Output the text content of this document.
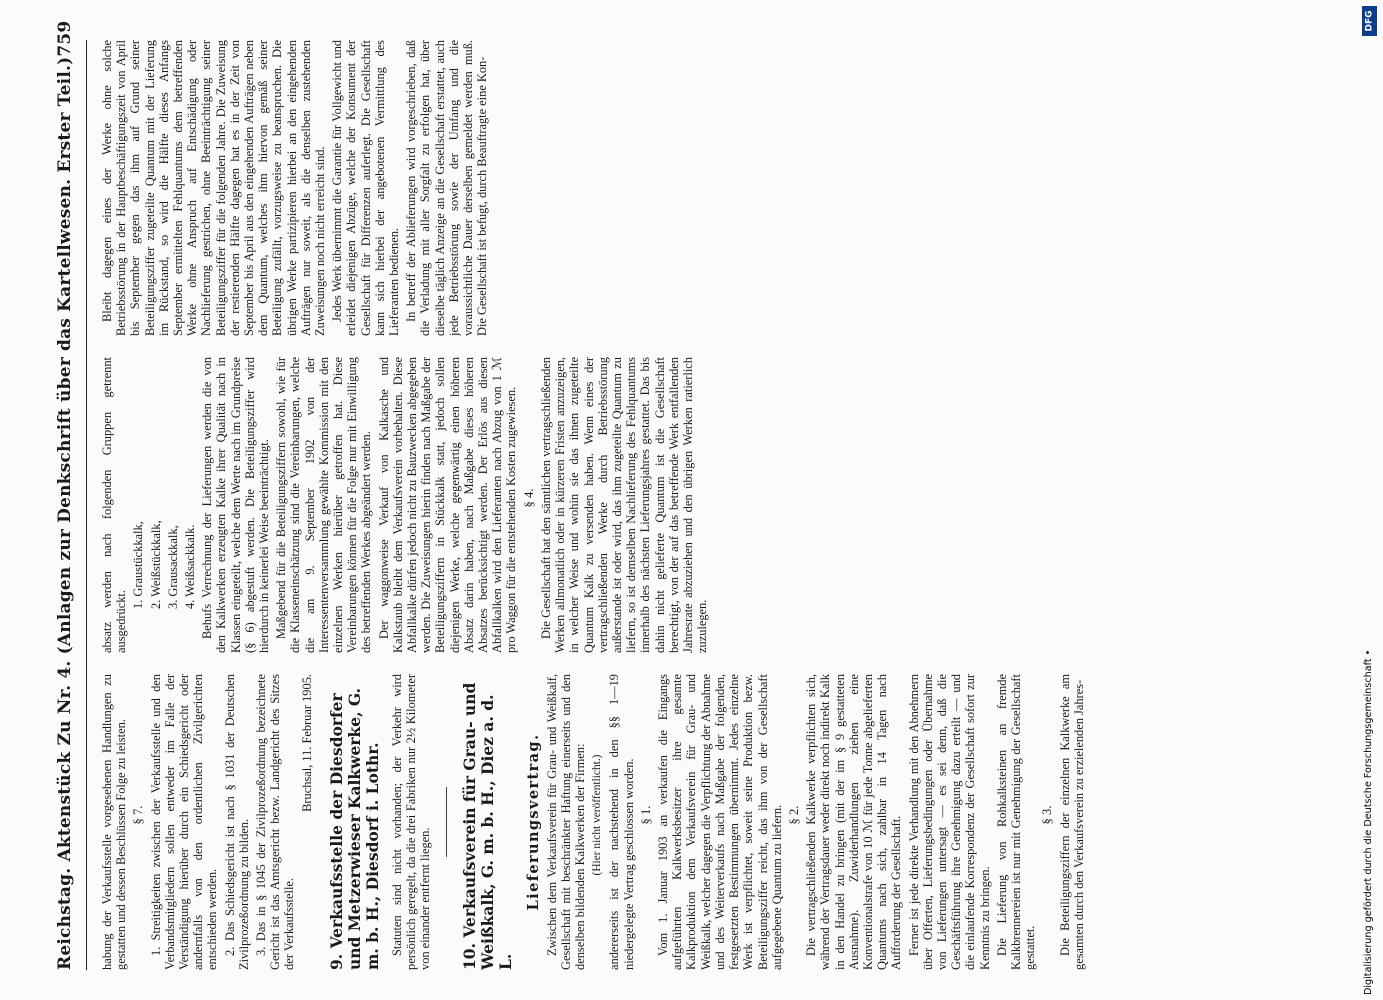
Reichstag. Aktenstück Zu Nr. 4. (Anlagen zur Denkschrift über das Kartellwesen. Erster Teil.)
759

habung der Verkaufsstelle vorgesehenen Handlungen zu gestatten und dessen Beschlüssen Folge zu leisten. § 7. 1. Streitigkeiten zwischen der Verkaufsstelle und den Verbandsmitgliedern sollen entweder im Falle der Verständigung hierüber durch ein Schiedsgericht oder andernfalls von den ordentlichen Zivilgerichten entschieden werden. 2. Das Schiedsgericht ist nach § 1031 der Deutschen Zivilprozeßordnung zu bilden. 3. Das in § 1045 der Zivilprozeßordnung bezeichnete Gericht ist das Amtsgericht bezw. Landgericht des Sitzes der Verkaufsstelle.

Bruchsal, 11. Februar 1905. 9. Verkaufsstelle der Diesdorfer und Metzerwieser Kalkwerke, G. m. b. H., Diesdorf i. Lothr. Statuten sind nicht vorhanden; der Verkehr wird persönlich geregelt, da die drei Fabriken nur 2½ Kilometer von einander entfernt liegen. 10. Verkaufsverein für Grau- und Weißkalk, G. m. b. H., Diez a. d. L.
Lieferungsvertrag. Zwischen dem Verkaufsverein für Grau- und Weißkalf, Gesellschaft mit beschränkter Haftung einerseits und den denselben bildenden Kalkwerken der Firmen: (Hier nicht veröffentlicht.) andererseits ist der nachstehend in den §§ 1—19 niedergelegte Vertrag geschlossen worden. § 1. Vom 1. Januar 1903 an verkaufen die Eingangs aufgeführten Kalkwerksbesitzer ihre gesamte Kalkproduktion dem Verkaufsverein für Grau- und Weißkalk, welcher dagegen die Verpflichtung der Abnahme und des Weiterverkaufs nach Maßgabe der folgenden, festgesetzten Bestimmungen übernimmt. Jedes einzelne Werk ist verpflichtet, soweit seine Produktion bezw. Beteiligungsziffer reicht, das ihm von der Gesellschaft aufgegebene Quantum zu liefern. § 2. Die vertragschließenden Kalkwerke verpflichten sich, während der Vertragsdauer weder direkt noch indirekt Kalk in den Handel zu bringen (mit der im § 9 gestatteten Ausnahme). Zuwiderhandlungen ziehen eine Konventionalstrafe von 10 ℳ für jede Tonne abgelieferten Quantums nach sich, zahlbar in 14 Tagen nach Aufforderung der Gesellschaft. Ferner ist jede direkte Verhandlung mit den Abnehmern über Offerten, Lieferungsbedingungen oder Übernahme von Lieferungen untersagt — es sei denn, daß die Geschäftsführung ihre Genehmigung dazu erteilt — und die einlaufende Korrespondenz der Gesellschaft sofort zur Kenntnis zu bringen. Die Lieferung von Rohkalksteinen an fremde Kalkbrennereien ist nur mit Genehmigung der Gesellschaft gestattet.

§ 3. Die Beteiligungsziffern der einzelnen Kalkwerke am gesamten durch den Verkaufsverein zu erzielenden Jahres-

absatz werden nach folgenden Gruppen getrennt ausgedrückt.

1. Graustückkalk, 2. Weißstückkalk, 3. Grausackkalk, 4. Weißsackkalk. Behufs Verrechnung der Lieferungen werden die von den Kalkwerken erzeugten Kalke ihrer Qualität nach in Klassen eingeteilt, welche dem Werte nach im Grundpreise (§ 6) abgestuft werden. Die Beteiligungsziffer wird hierdurch in keinerlei Weise beeinträchtigt. Maßgebend für die Beteiligungsziffern sowohl, wie für die Klasseneinschätzung sind die Vereinbarungen, welche die am 9. September 1902 von der Interessentenversammlung gewählte Kommission mit den einzelnen Werken hierüber getroffen hat. Diese Vereinbarungen können für die Folge nur mit Einwilligung des betreffenden Werkes abgeändert werden. Der waggonweise Verkauf von Kalkasche und Kalkstaub bleibt dem Verkaufsverein vorbehalten. Diese Abfallkalke dürfen jedoch nicht zu Bauzwecken abgegeben werden. Die Zuweisungen hierin finden nach Maßgabe der Beteiligungsziffern in Stückkalk statt, jedoch sollen diejenigen Werke, welche gegenwärtig einen höheren Absatz darin haben, nach Maßgabe dieses höheren Absatzes berücksichtigt werden. Der Erlös aus diesen Abfallkalken wird den Lieferanten nach Abzug von 1 ℳ pro Waggon für die entstehenden Kosten zugewiesen. § 4. Die Gesellschaft hat den sämtlichen vertragschließenden Werken allmonatlich oder in kürzeren Fristen anzuzeigen, in welcher Weise und wohin sie das ihnen zugeteilte Quantum Kalk zu versenden haben. Wenn eines der vertragschließenden Werke durch Betriebsstörung außerstande ist oder wird, das ihm zugeteilte Quantum zu liefern, so ist demselben Nachlieferung des Fehlquantums innerhalb des nächsten Lieferungsjahres gestattet. Das bis dahin nicht gelieferte Quantum ist die Gesellschaft berechtigt, von der auf das betreffende Werk entfallenden Jahresrate abzuziehen und den übrigen Werken ratierlich zuzulegen.

Bleibt dagegen eines der Werke ohne solche Betriebsstörung in der Hauptbeschäftigungszeit von April bis September gegen das ihm auf Grund seiner Beteiligungsziffer zugeteilte Quantum mit der Lieferung im Rückstand, so wird die Hälfte dieses Anfangs September ermittelten Fehlquantums dem betreffenden Werke ohne Anspruch auf Entschädigung oder Nachlieferung gestrichen, ohne Beeinträchtigung seiner Beteiligungsziffer für die folgenden Jahre. Die Zuweisung der restierenden Hälfte dagegen hat es in der Zeit von September bis April aus den eingehenden Aufträgen neben dem Quantum, welches ihm hiervon gemäß seiner Beteiligung zufällt, vorzugsweise zu beanspruchen. Die übrigen Werke partizipieren hierbei an den eingehenden Aufträgen nur soweit, als die denselben zustehenden Zuweisungen noch nicht erreicht sind. Jedes Werk übernimmt die Garantie für Vollgewicht und erleidet diejenigen Abzüge, welche der Konsument der Gesellschaft für Differenzen auferlegt. Die Gesellschaft kann sich hierbei der angebotenen Vermittlung des Lieferanten bedienen. In betreff der Ablieferungen wird vorgeschrieben, daß die Verladung mit aller Sorgfalt zu erfolgen hat, über dieselbe täglich Anzeige an die Gesellschaft erstattet, auch jede Betriebsstörung sowie der Umfang und die voraussichtliche Dauer derselben gemeldet werden muß. Die Gesellschaft ist befugt, durch Beauftragte eine Kon-

DFG
Digitalisierung gefördert durch die Deutsche Forschungsgemeinschaft •
